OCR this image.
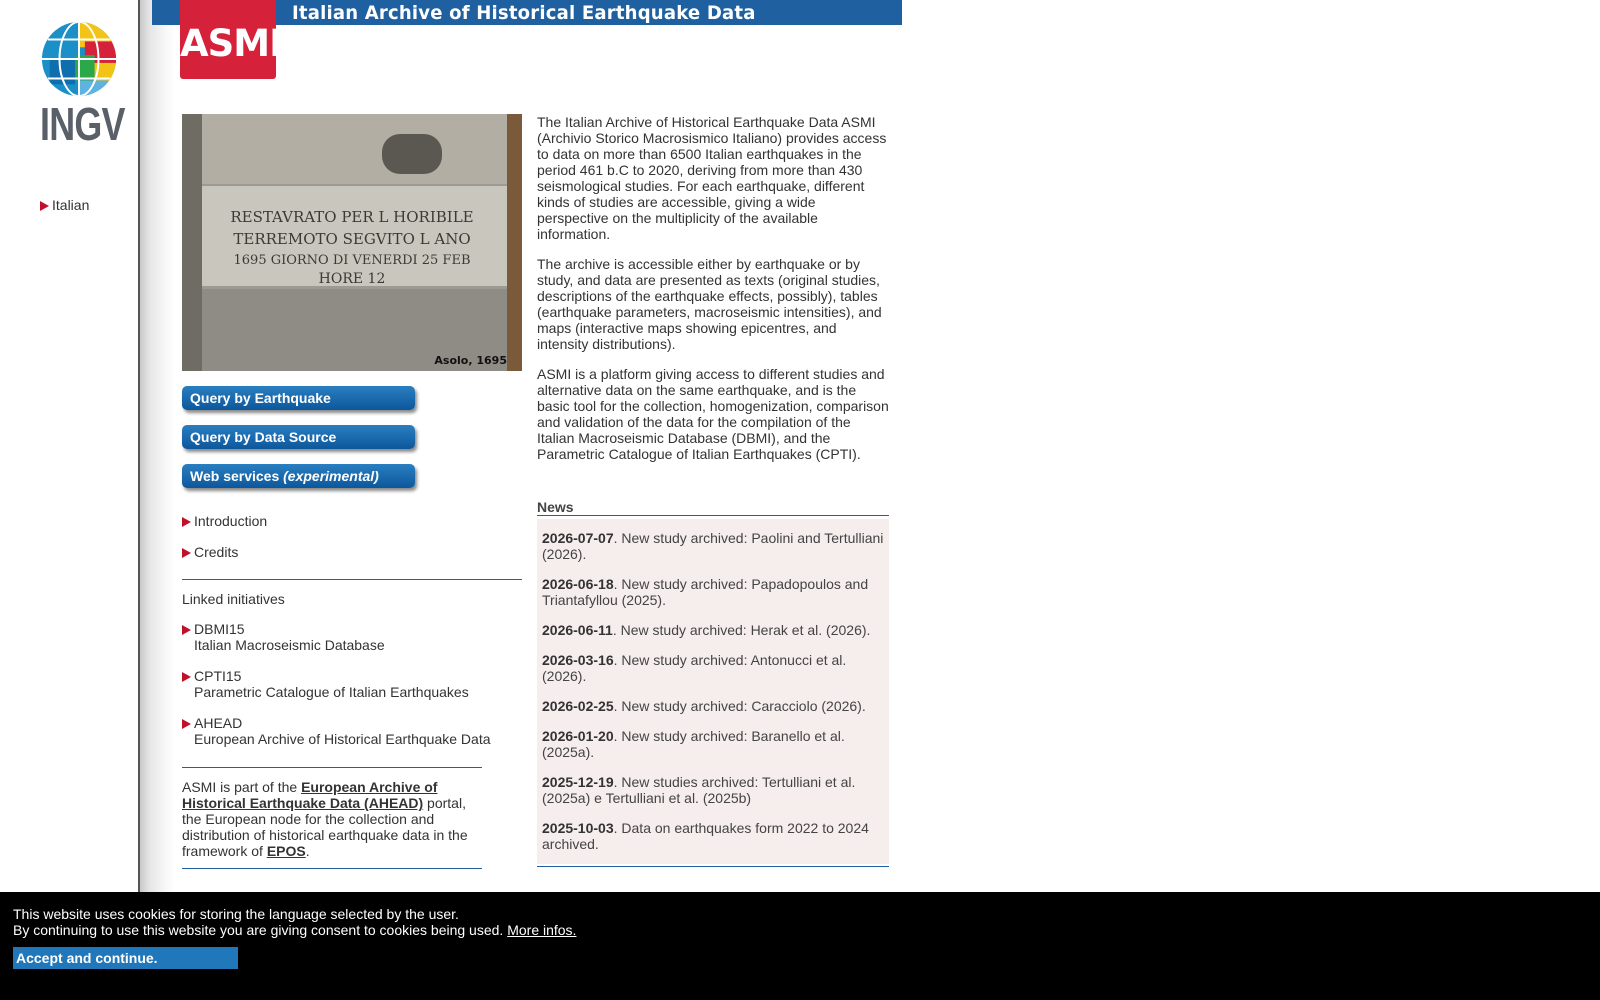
INGV
Italian
Italian Archive of Historical Earthquake Data
ASMI
RESTAVRATO PER L HORIBILE
TERREMOTO SEGVITO L ANO
1695 GIORNO DI VENERDI 25 FEB
HORE 12
Asolo, 1695
Query by Earthquake
Query by Data Source
Web services (experimental)
Introduction
Credits
Linked initiatives
DBMI15
Italian Macroseismic Database
CPTI15
Parametric Catalogue of Italian Earthquakes
AHEAD
European Archive of Historical Earthquake Data
ASMI is part of the European Archive of Historical Earthquake Data (AHEAD) portal, the European node for the collection and distribution of historical earthquake data in the framework of EPOS.

The Italian Archive of Historical Earthquake Data ASMI (Archivio Storico Macrosismico Italiano) provides access to data on more than 6500 Italian earthquakes in the period 461 b.C to 2020, deriving from more than 430 seismological studies. For each earthquake, different kinds of studies are accessible, giving a wide perspective on the multiplicity of the available information.

The archive is accessible either by earthquake or by study, and data are presented as texts (original studies, descriptions of the earthquake effects, possibly), tables (earthquake parameters, macroseismic intensities), and maps (interactive maps showing epicentres, and intensity distributions).

ASMI is a platform giving access to different studies and alternative data on the same earthquake, and is the basic tool for the collection, homogenization, comparison and validation of the data for the compilation of the Italian Macroseismic Database (DBMI), and the Parametric Catalogue of Italian Earthquakes (CPTI).

News
2026-07-07. New study archived: Paolini and Tertulliani (2026).
2026-06-18. New study archived: Papadopoulos and Triantafyllou (2025).
2026-06-11. New study archived: Herak et al. (2026).
2026-03-16. New study archived: Antonucci et al. (2026).
2026-02-25. New study archived: Caracciolo (2026).
2026-01-20. New study archived: Baranello et al. (2025a).
2025-12-19. New studies archived: Tertulliani et al. (2025a) e Tertulliani et al. (2025b)
2025-10-03. Data on earthquakes form 2022 to 2024 archived.
This website uses cookies for storing the language selected by the user.
By continuing to use this website you are giving consent to cookies being used. More infos.
Accept and continue.
